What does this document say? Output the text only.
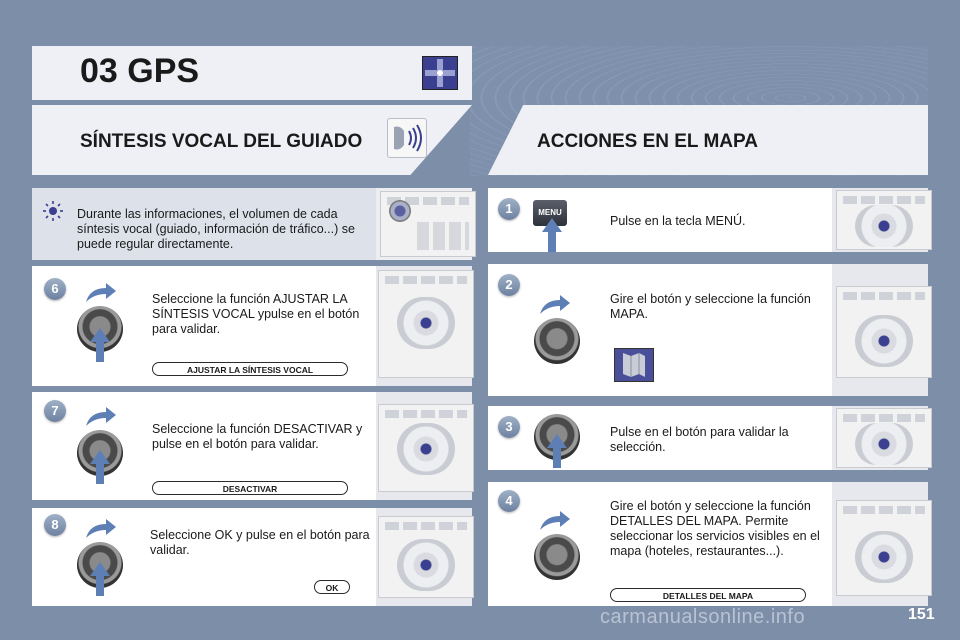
03 GPS
SÍNTESIS VOCAL DEL GUIADO	ACCIONES EN EL MAPA
Durante las informaciones, el volumen de cada síntesis vocal (guiado, información de tráfico...) se puede regular directamente.
6
Seleccione la función AJUSTAR LA SÍNTESIS VOCAL ypulse en el botón para validar.
AJUSTAR LA SÍNTESIS VOCAL
7
Seleccione la función DESACTIVAR y pulse en el botón para validar.
DESACTIVAR
8
Seleccione OK y pulse en el botón para validar.
OK
1	MENU
Pulse en la tecla MENÚ.
2
Gire el botón y seleccione la función MAPA.
3	Pulse en el botón para validar la selección.
4	Gire el botón y seleccione la función DETALLES DEL MAPA. Permite seleccionar los servicios visibles en el mapa (hoteles, restaurantes...).
DETALLES DEL MAPA
carmanualsonline.info	151
